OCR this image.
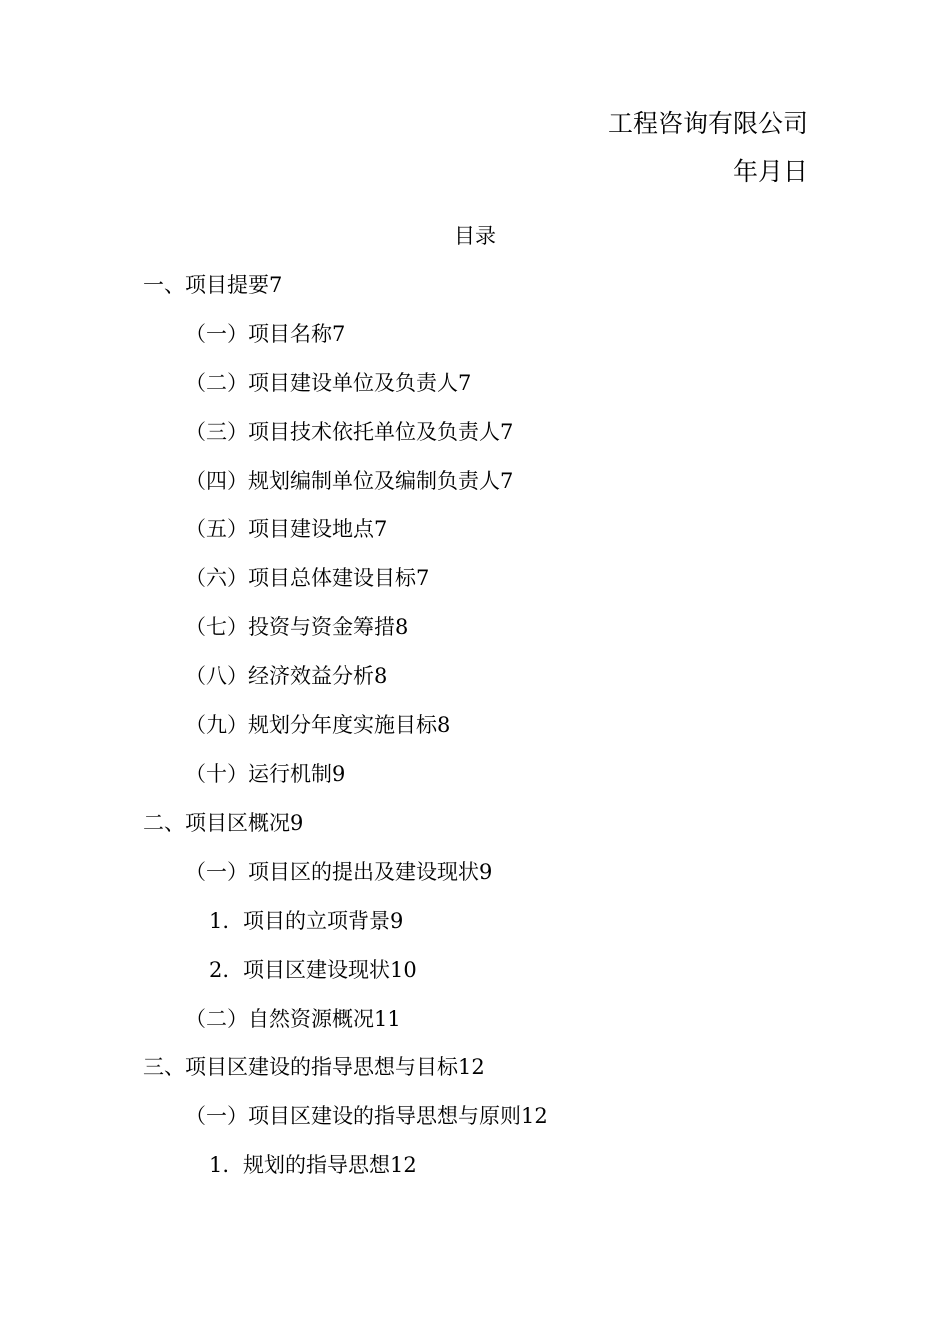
工程咨询有限公司
年月日
目录
一、项目提要7
（一）项目名称7
（二）项目建设单位及负责人7
（三）项目技术依托单位及负责人7
（四）规划编制单位及编制负责人7
（五）项目建设地点7
（六）项目总体建设目标7
（七）投资与资金筹措8
（八）经济效益分析8
（九）规划分年度实施目标8
（十）运行机制9
二、项目区概况9
（一）项目区的提出及建设现状9
1. 项目的立项背景9
2. 项目区建设现状10
（二）自然资源概况11
三、项目区建设的指导思想与目标12
（一）项目区建设的指导思想与原则12
1. 规划的指导思想12
